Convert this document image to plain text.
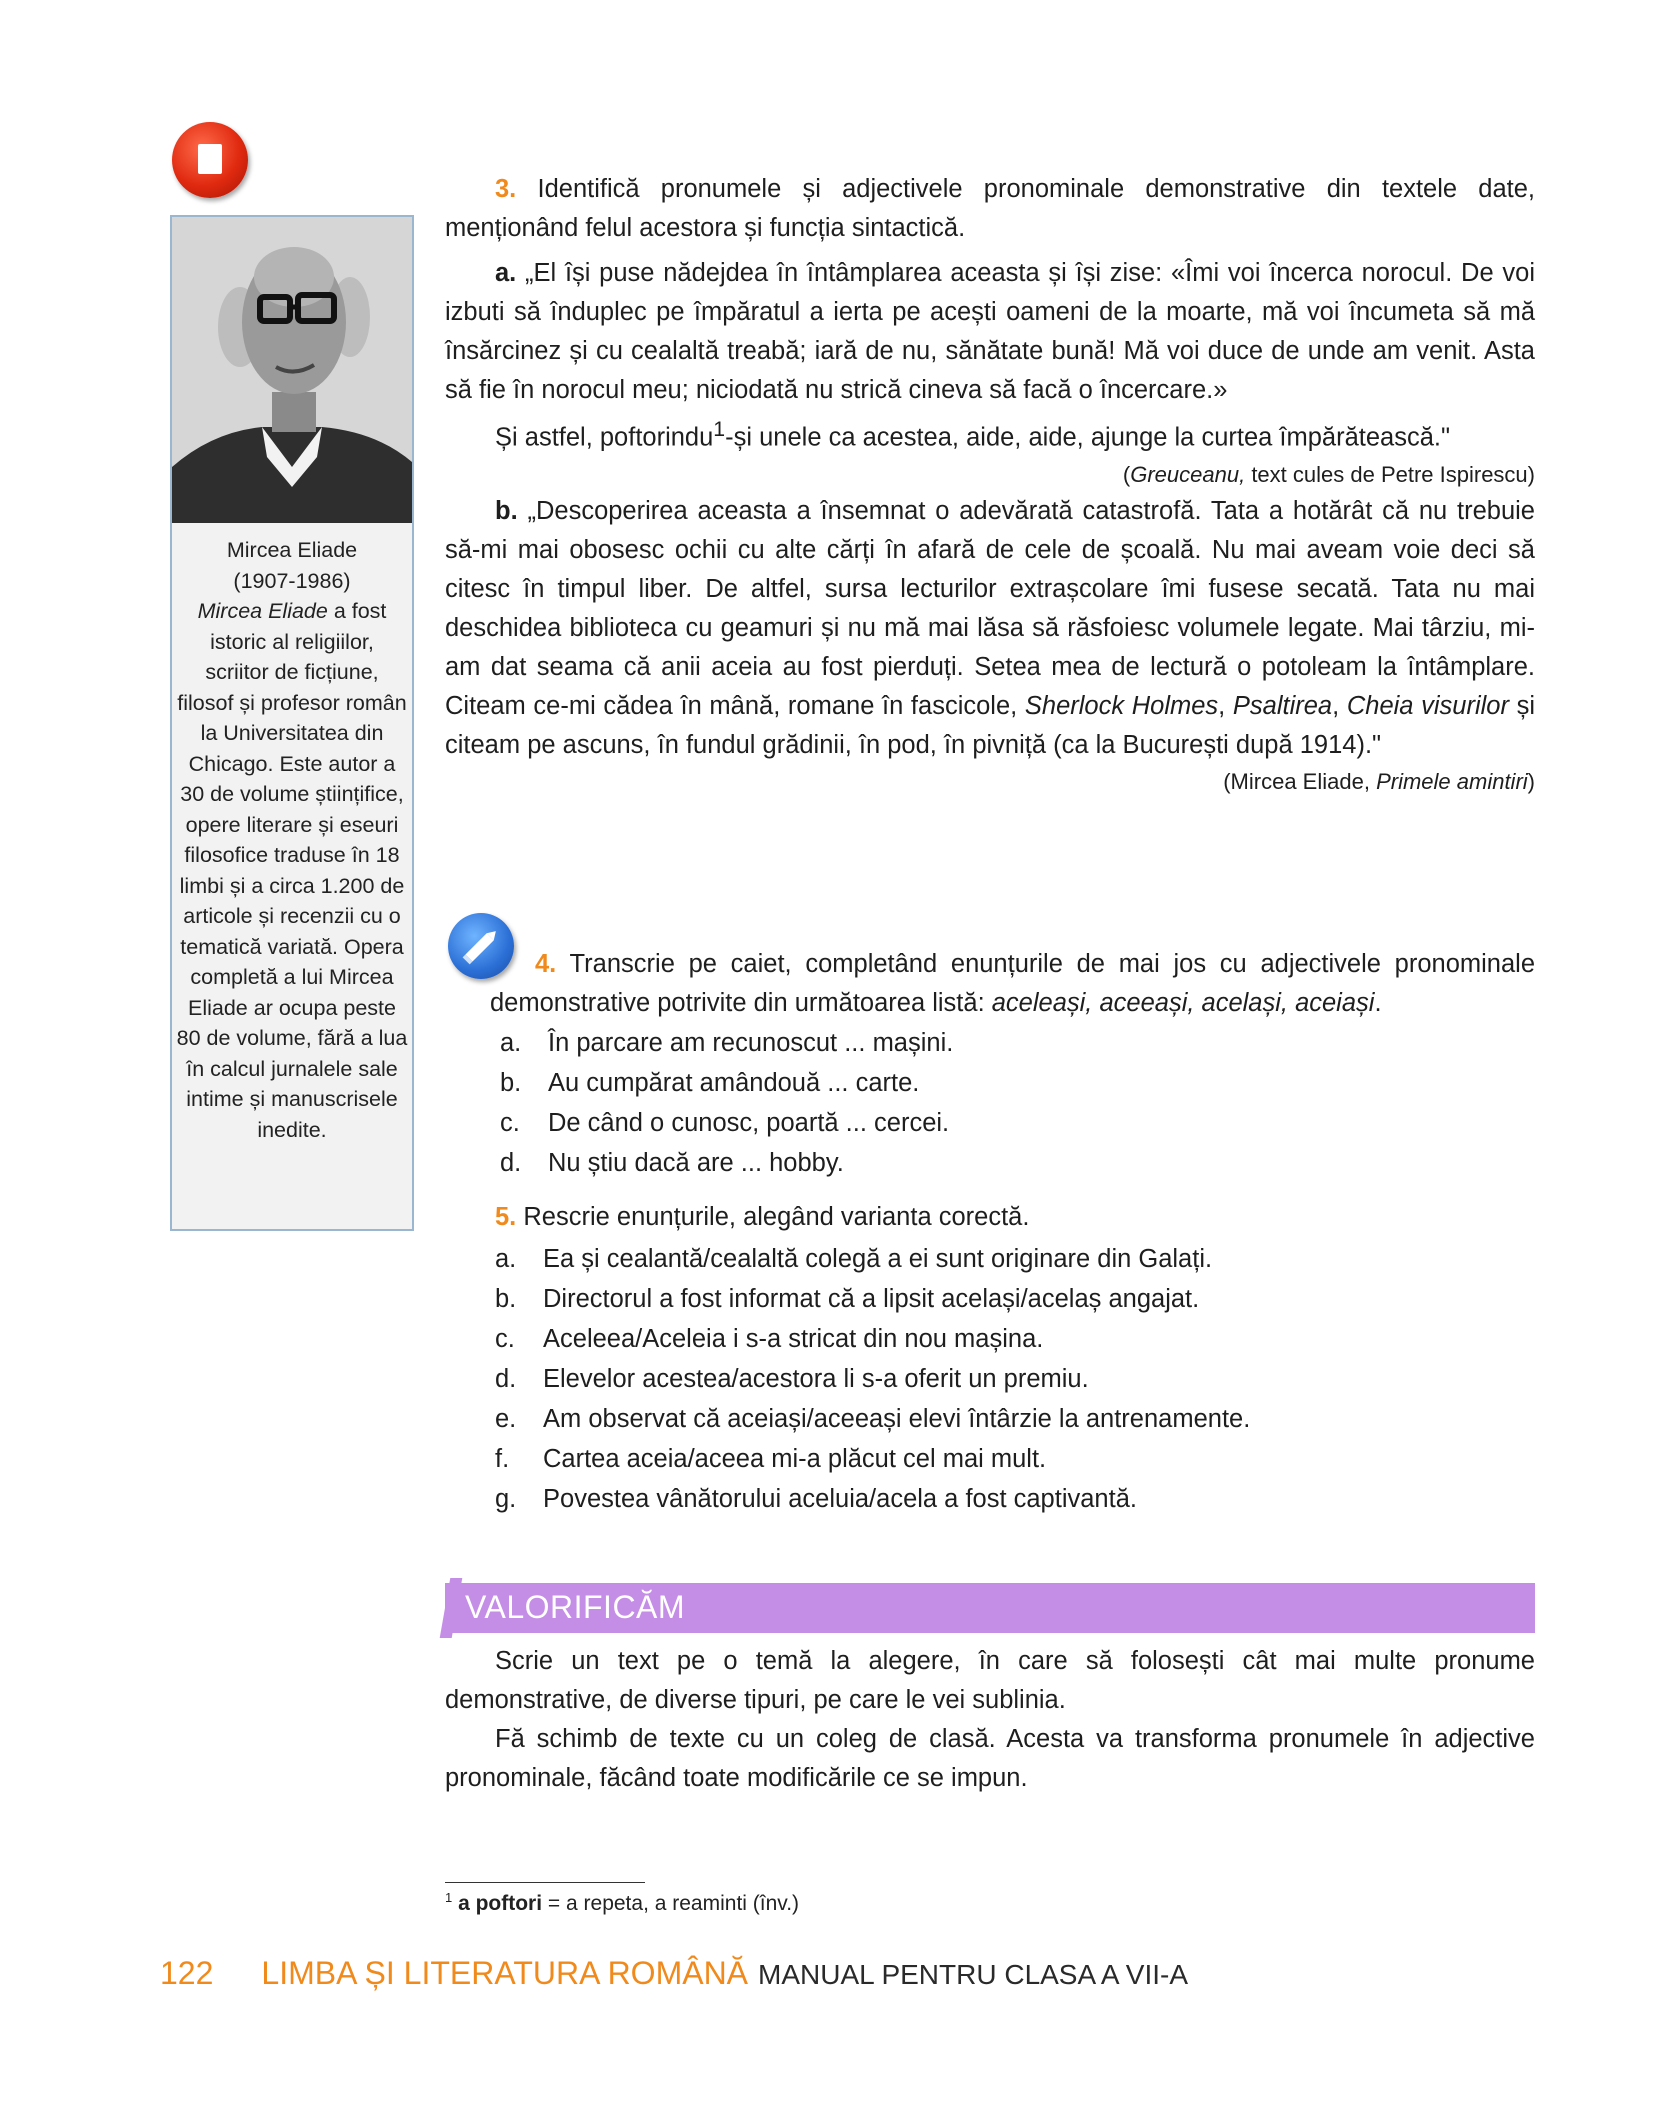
Mircea Eliade
(1907-1986)
Mircea Eliade a fost istoric al religiilor, scriitor de ficțiune, filosof și profesor român la Universitatea din Chicago. Este autor a 30 de volume științifice, opere literare și eseuri filosofice traduse în 18 limbi și a circa 1.200 de articole și recenzii cu o tematică variată. Opera completă a lui Mircea Eliade ar ocupa peste 80 de volume, fără a lua în calcul jurnalele sale intime și manuscrisele inedite.

3. Identifică pronumele și adjectivele pronominale demonstrative din textele date, menționând felul acestora și funcția sintactică.

a. „El își puse nădejdea în întâmplarea aceasta și își zise: «Îmi voi încerca norocul. De voi izbuti să înduplec pe împăratul a ierta pe acești oameni de la moarte, mă voi încumeta să mă însărcinez și cu cealaltă treabă; iară de nu, sănătate bună! Mă voi duce de unde am venit. Asta să fie în norocul meu; niciodată nu strică cineva să facă o încercare.»

Și astfel, poftorindu$^1$-și unele ca acestea, aide, aide, ajunge la curtea împărătească."

(Greuceanu, text cules de Petre Ispirescu)

b. „Descoperirea aceasta a însemnat o adevărată catastrofă. Tata a hotărât că nu trebuie să-mi mai obosesc ochii cu alte cărți în afară de cele de școală. Nu mai aveam voie deci să citesc în timpul liber. De altfel, sursa lecturilor extrașcolare îmi fusese secată. Tata nu mai deschidea biblioteca cu geamuri și nu mă mai lăsa să răsfoiesc volumele legate. Mai târziu, mi-am dat seama că anii aceia au fost pierduți. Setea mea de lectură o potoleam la întâmplare. Citeam ce-mi cădea în mână, romane în fascicole, Sherlock Holmes, Psaltirea, Cheia visurilor și citeam pe ascuns, în fundul grădinii, în pod, în pivniță (ca la București după 1914)."

(Mircea Eliade, Primele amintiri)

4. Transcrie pe caiet, completând enunțurile de mai jos cu adjectivele pronominale demonstrative potrivite din următoarea listă: aceleași, aceeași, același, aceiași.

a. În parcare am recunoscut ... mașini.
b. Au cumpărat amândouă ... carte.
c. De când o cunosc, poartă ... cercei.
d. Nu știu dacă are ... hobby.

5. Rescrie enunțurile, alegând varianta corectă.

a. Ea și cealantă/cealaltă colegă a ei sunt originare din Galați.
b. Directorul a fost informat că a lipsit același/acelaș angajat.
c. Aceleea/Aceleia i s-a stricat din nou mașina.
d. Elevelor acestea/acestora li s-a oferit un premiu.
e. Am observat că aceiași/aceeași elevi întârzie la antrenamente.
f. Cartea aceia/aceea mi-a plăcut cel mai mult.
g. Povestea vânătorului aceluia/acela a fost captivantă.
VALORIFICĂM

Scrie un text pe o temă la alegere, în care să folosești cât mai multe pronume demonstrative, de diverse tipuri, pe care le vei sublinia.

Fă schimb de texte cu un coleg de clasă. Acesta va transforma pronumele în adjective pronominale, făcând toate modificările ce se impun.

$^1$ a poftori = a repeta, a reaminti (înv.)
122 LIMBA ȘI LITERATURA ROMÂNĂ MANUAL PENTRU CLASA A VII-A
